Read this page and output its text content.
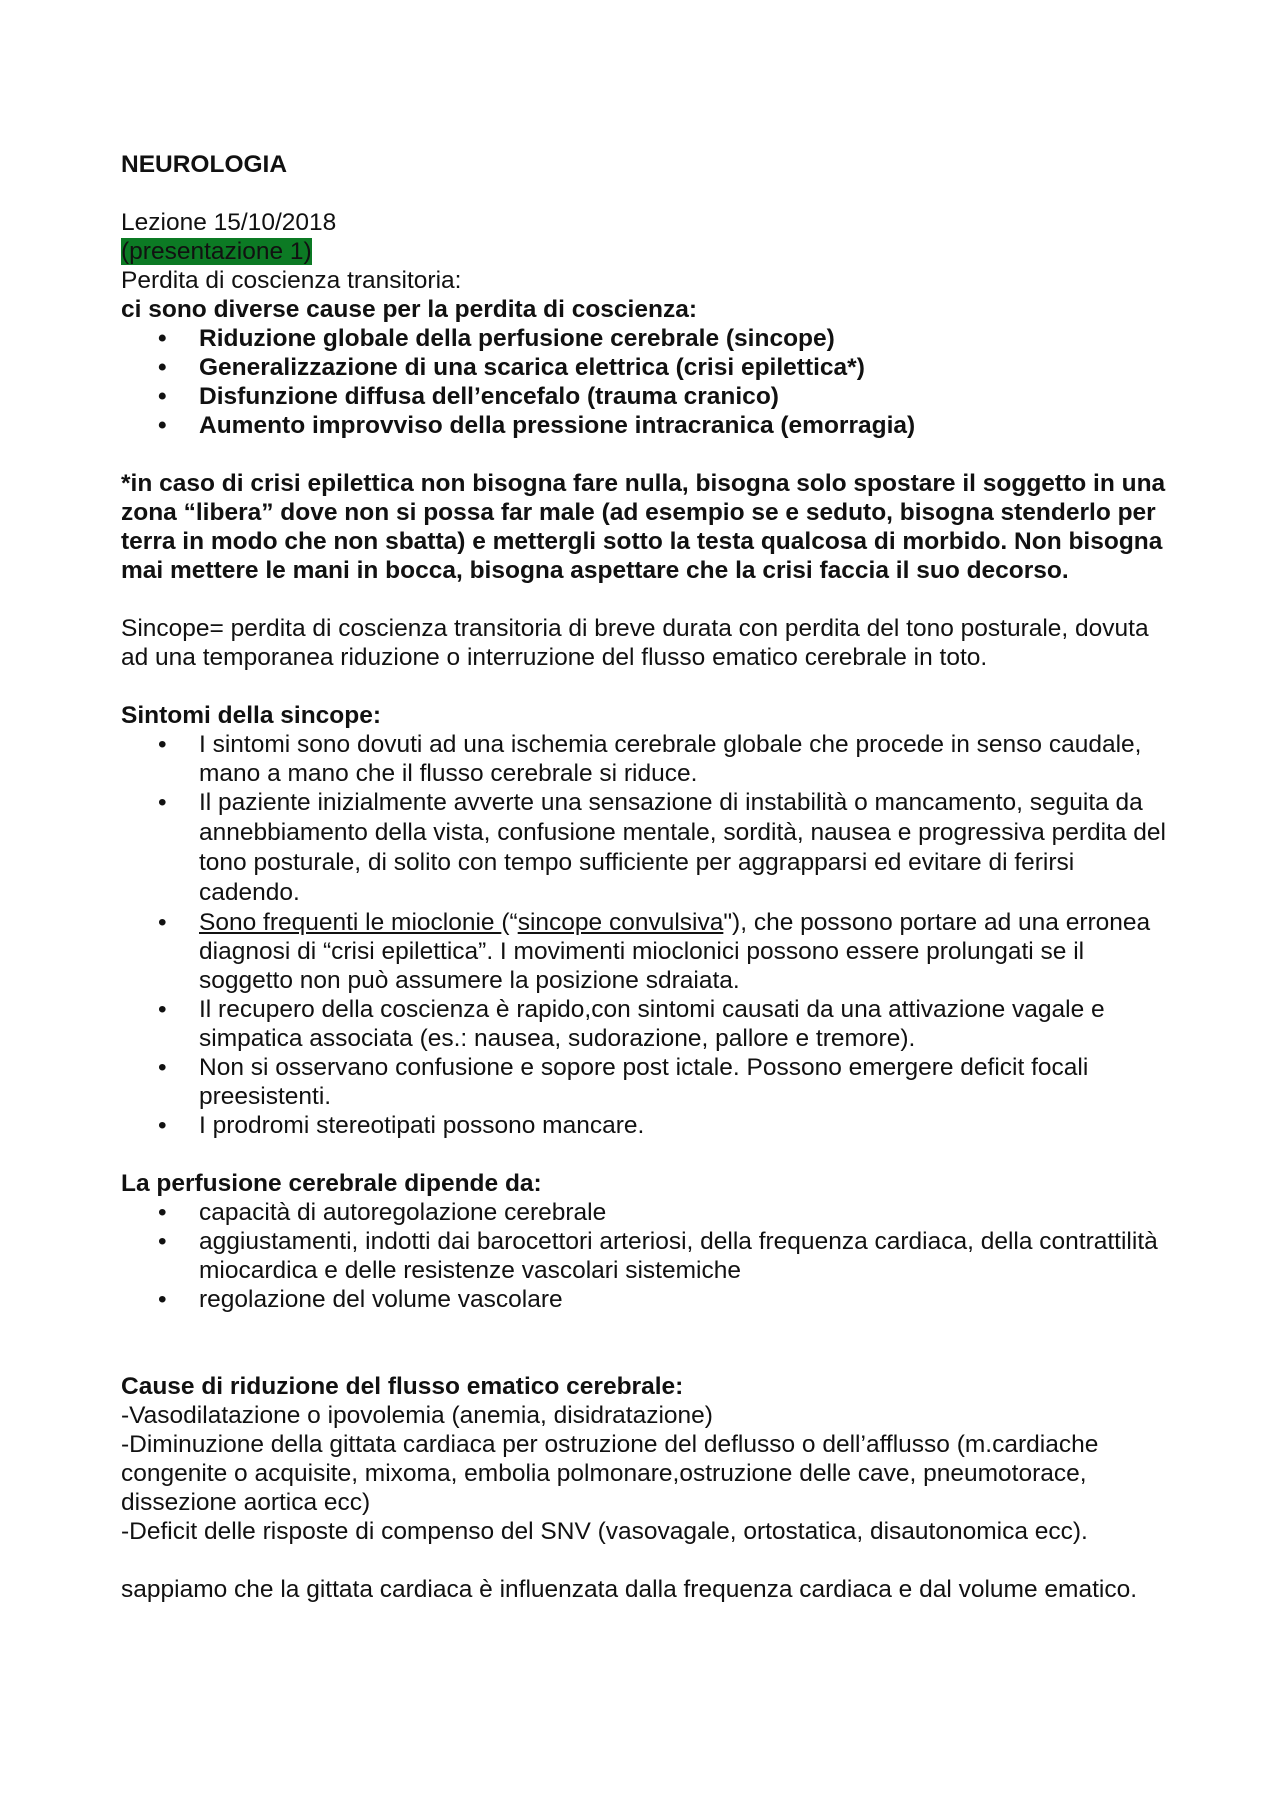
NEUROLOGIA

Lezione 15/10/2018

(presentazione 1)

Perdita di coscienza transitoria:

ci sono diverse cause per la perdita di coscienza:

• Riduzione globale della perfusione cerebrale (sincope)
• Generalizzazione di una scarica elettrica (crisi epilettica*)
• Disfunzione diffusa dell’encefalo (trauma cranico)
• Aumento improvviso della pressione intracranica (emorragia)

*in caso di crisi epilettica non bisogna fare nulla, bisogna solo spostare il soggetto in una zona “libera” dove non si possa far male (ad esempio se e seduto, bisogna stenderlo per terra in modo che non sbatta) e mettergli sotto la testa qualcosa di morbido. Non bisogna mai mettere le mani in bocca, bisogna aspettare che la crisi faccia il suo decorso.

Sincope= perdita di coscienza transitoria di breve durata con perdita del tono posturale, dovuta ad una temporanea riduzione o interruzione del flusso ematico cerebrale in toto.

Sintomi della sincope:

• I sintomi sono dovuti ad una ischemia cerebrale globale che procede in senso caudale, mano a mano che il flusso cerebrale si riduce.
• Il paziente inizialmente avverte una sensazione di instabilità o mancamento, seguita da annebbiamento della vista, confusione mentale, sordità, nausea e progressiva perdita del tono posturale, di solito con tempo sufficiente per aggrapparsi ed evitare di ferirsi cadendo.
• Sono frequenti le mioclonie (“sincope convulsiva"), che possono portare ad una erronea diagnosi di “crisi epilettica”. I movimenti mioclonici possono essere prolungati se il soggetto non può assumere la posizione sdraiata.
• Il recupero della coscienza è rapido,con sintomi causati da una attivazione vagale e simpatica associata (es.: nausea, sudorazione, pallore e tremore).
• Non si osservano confusione e sopore post ictale. Possono emergere deficit focali preesistenti.
• I prodromi stereotipati possono mancare.

La perfusione cerebrale dipende da:

• capacità di autoregolazione cerebrale
• aggiustamenti, indotti dai barocettori arteriosi, della frequenza cardiaca, della contrattilità miocardica e delle resistenze vascolari sistemiche
• regolazione del volume vascolare

Cause di riduzione del flusso ematico cerebrale:

-Vasodilatazione o ipovolemia (anemia, disidratazione)

-Diminuzione della gittata cardiaca per ostruzione del deflusso o dell’afflusso (m.cardiache congenite o acquisite, mixoma, embolia polmonare,ostruzione delle cave, pneumotorace, dissezione aortica ecc)

-Deficit delle risposte di compenso del SNV (vasovagale, ortostatica, disautonomica ecc).

sappiamo che la gittata cardiaca è influenzata dalla frequenza cardiaca e dal volume ematico.
